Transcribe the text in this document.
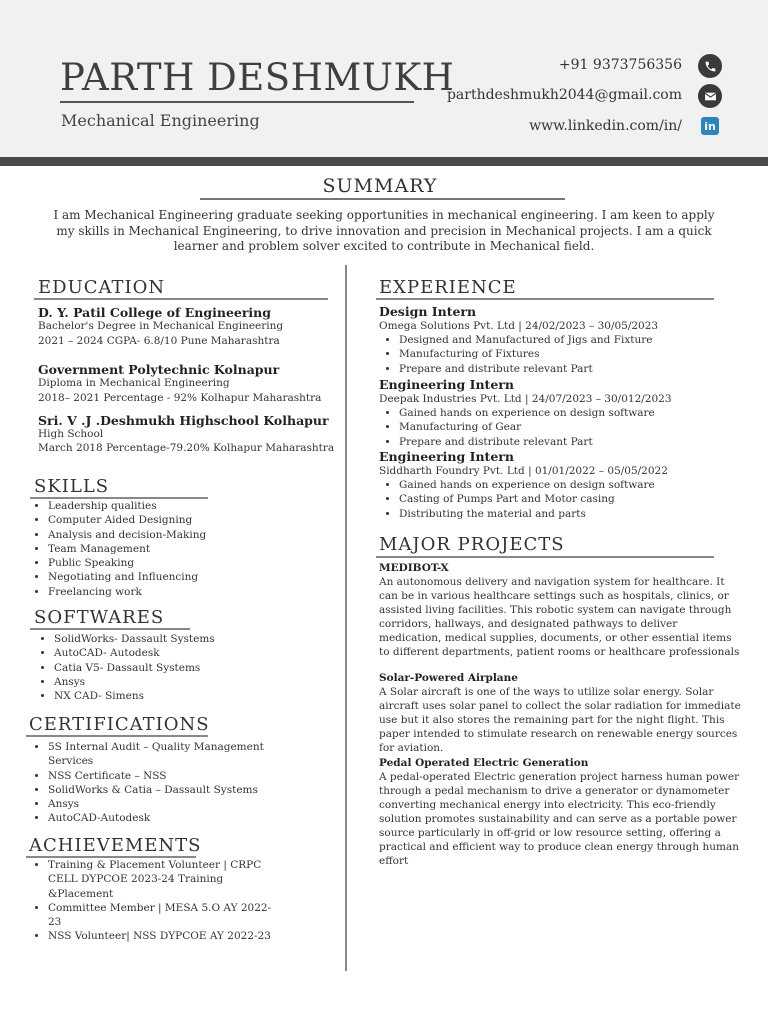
PARTH DESHMUKH
Mechanical Engineering
+91 9373756356
parthdeshmukh2044@gmail.com
www.linkedin.com/in/ in
SUMMARY
I am Mechanical Engineering graduate seeking opportunities in mechanical engineering. I am keen to apply my skills in Mechanical Engineering, to drive innovation and precision in Mechanical projects. I am a quick learner and problem solver excited to contribute in Mechanical field.
EDUCATION
D. Y. Patil College of Engineering
Bachelor's Degree in Mechanical Engineering
2021 – 2024 CGPA- 6.8/10 Pune Maharashtra
Government Polytechnic Kolnapur
Diploma in Mechanical Engineering
2018– 2021 Percentage - 92% Kolhapur Maharashtra
Sri. V .J .Deshmukh Highschool Kolhapur
High School
March 2018 Percentage-79.20% Kolhapur Maharashtra
SKILLS
• Leadership qualities
• Computer Aided Designing
• Analysis and decision-Making
• Team Management
• Public Speaking
• Negotiating and Influencing
• Freelancing work
SOFTWARES
• SolidWorks- Dassault Systems
• AutoCAD- Autodesk
• Catia V5- Dassault Systems
• Ansys
• NX CAD- Simens
CERTIFICATIONS
• 5S Internal Audit – Quality Management Services
• NSS Certificate – NSS
• SolidWorks & Catia – Dassault Systems
• Ansys
• AutoCAD-Autodesk
ACHIEVEMENTS
• Training & Placement Volunteer | CRPC CELL DYPCOE 2023-24 Training &Placement
• Committee Member | MESA 5.O AY 2022-23
• NSS Volunteer| NSS DYPCOE AY 2022-23
EXPERIENCE
Design Intern
Omega Solutions Pvt. Ltd | 24/02/2023 – 30/05/2023
• Designed and Manufactured of Jigs and Fixture
• Manufacturing of Fixtures
• Prepare and distribute relevant Part
Engineering Intern
Deepak Industries Pvt. Ltd | 24/07/2023 – 30/012/2023
• Gained hands on experience on design software
• Manufacturing of Gear
• Prepare and distribute relevant Part
Engineering Intern
Siddharth Foundry Pvt. Ltd | 01/01/2022 – 05/05/2022
• Gained hands on experience on design software
• Casting of Pumps Part and Motor casing
• Distributing the material and parts
MAJOR PROJECTS
MEDIBOT-X

An autonomous delivery and navigation system for healthcare. It can be in various healthcare settings such as hospitals, clinics, or assisted living facilities. This robotic system can navigate through corridors, hallways, and designated pathways to deliver medication, medical supplies, documents, or other essential items to different departments, patient rooms or healthcare professionals

Solar-Powered Airplane

A Solar aircraft is one of the ways to utilize solar energy. Solar aircraft uses solar panel to collect the solar radiation for immediate use but it also stores the remaining part for the night flight. This paper intended to stimulate research on renewable energy sources for aviation.

Pedal Operated Electric Generation

A pedal-operated Electric generation project harness human power through a pedal mechanism to drive a generator or dynamometer converting mechanical energy into electricity. This eco-friendly solution promotes sustainability and can serve as a portable power source particularly in off-grid or low resource setting, offering a practical and efficient way to produce clean energy through human effort
